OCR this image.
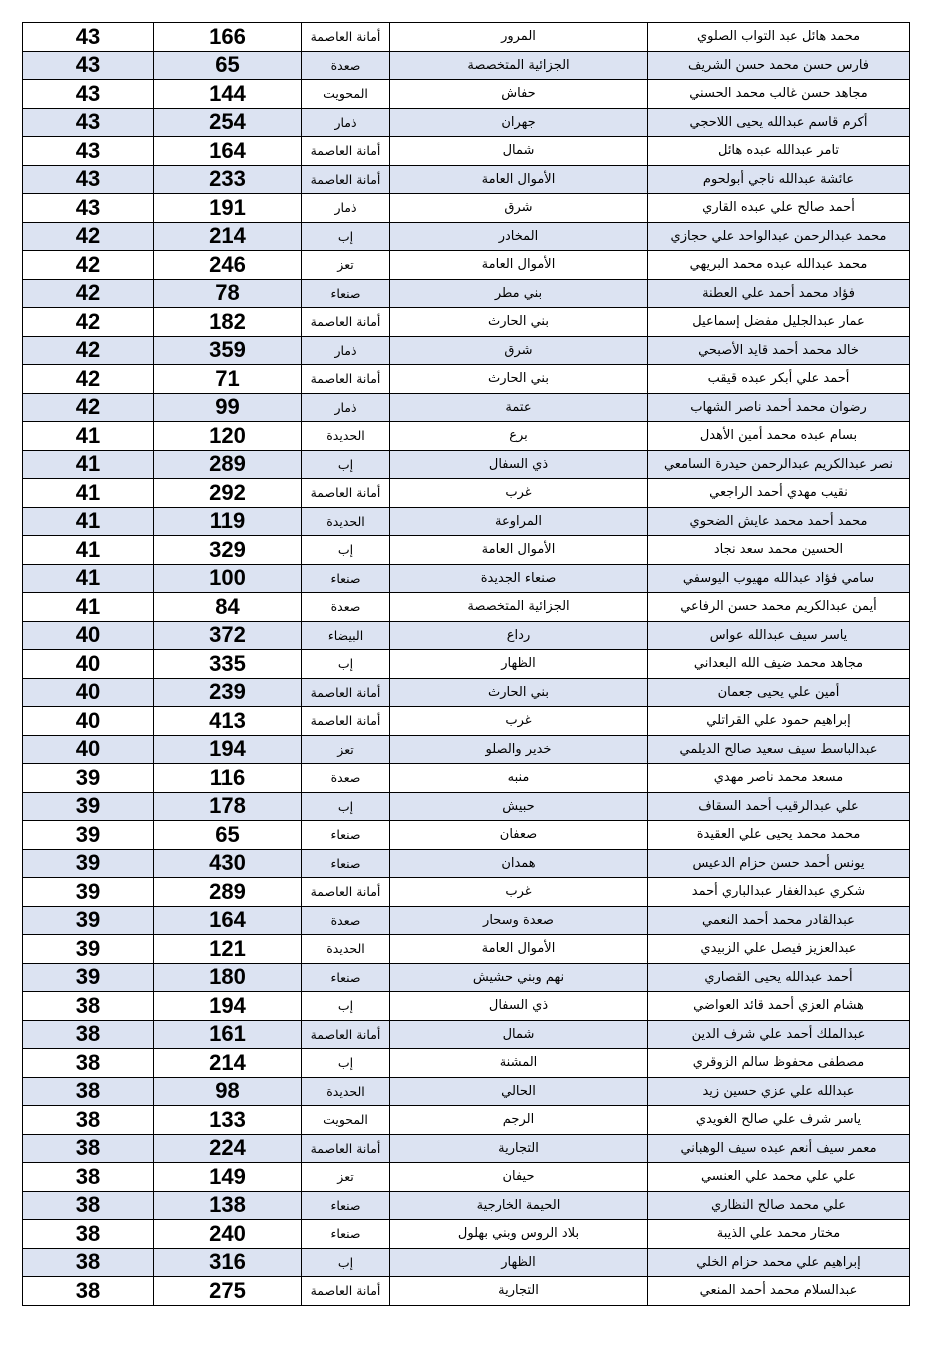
43	166	أمانة العاصمة	المرور	محمد هائل عبد التواب الصلوي
43	65	صعدة	الجزائية المتخصصة	فارس حسن محمد حسن الشريف
43	144	المحويت	حفاش	مجاهد حسن غالب محمد الحسني
43	254	ذمار	جهران	أكرم قاسم عبدالله يحيى اللاحجي
43	164	أمانة العاصمة	شمال	تامر عبدالله عبده هائل
43	233	أمانة العاصمة	الأموال العامة	عائشة عبدالله ناجي أبولحوم
43	191	ذمار	شرق	أحمد صالح علي عبده القاري
42	214	إب	المخادر	محمد عبدالرحمن عبدالواحد علي حجازي
42	246	تعز	الأموال العامة	محمد عبدالله عبده محمد البريهي
42	78	صنعاء	بني مطر	فؤاد محمد أحمد علي العطنة
42	182	أمانة العاصمة	بني الحارث	عمار عبدالجليل مفضل إسماعيل
42	359	ذمار	شرق	خالد محمد أحمد قايد الأصبحي
42	71	أمانة العاصمة	بني الحارث	أحمد علي أبكر عبده قيقب
42	99	ذمار	عتمة	رضوان محمد أحمد ناصر الشهاب
41	120	الحديدة	برع	بسام عبده محمد أمين الأهدل
41	289	إب	ذي السفال	نصر عبدالكريم عبدالرحمن حيدرة السامعي
41	292	أمانة العاصمة	غرب	نقيب مهدي أحمد الراجعي
41	119	الحديدة	المراوعة	محمد أحمد محمد عايش الضحوي
41	329	إب	الأموال العامة	الحسين محمد سعد نجاد
41	100	صنعاء	صنعاء الجديدة	سامي فؤاد عبدالله مهيوب اليوسفي
41	84	صعدة	الجزائية المتخصصة	أيمن عبدالكريم محمد حسن الرفاعي
40	372	البيضاء	رداع	ياسر سيف عبدالله عواس
40	335	إب	الظهار	مجاهد محمد ضيف الله البعداني
40	239	أمانة العاصمة	بني الحارث	أمين علي يحيى جعمان
40	413	أمانة العاصمة	غرب	إبراهيم حمود علي القراتلي
40	194	تعز	خدير والصلو	عبدالباسط سيف سعيد صالح الديلمي
39	116	صعدة	منبه	مسعد محمد ناصر مهدي
39	178	إب	حبيش	علي عبدالرقيب أحمد السقاف
39	65	صنعاء	صعفان	محمد محمد يحيى علي العقيدة
39	430	صنعاء	همدان	يونس أحمد حسن حزام الدعيس
39	289	أمانة العاصمة	غرب	شكري عبدالغفار عبدالباري أحمد
39	164	صعدة	صعدة وسحار	عبدالقادر محمد أحمد النعمي
39	121	الحديدة	الأموال العامة	عبدالعزيز فيصل علي الزبيدي
39	180	صنعاء	نهم وبني حشيش	أحمد عبدالله يحيى القصاري
38	194	إب	ذي السفال	هشام العزي أحمد قائد العواضي
38	161	أمانة العاصمة	شمال	عبدالملك أحمد علي شرف الدين
38	214	إب	المشنة	مصطفى محفوظ سالم الزوقري
38	98	الحديدة	الحالي	عبدالله علي عزي حسين زيد
38	133	المحويت	الرجم	ياسر شرف علي صالح الغويدي
38	224	أمانة العاصمة	التجارية	معمر سيف أنعم عبده سيف الوهباني
38	149	تعز	حيفان	علي علي محمد علي العنسي
38	138	صنعاء	الحيمة الخارجية	علي محمد صالح النظاري
38	240	صنعاء	بلاد الروس وبني بهلول	مختار محمد علي الذيبة
38	316	إب	الظهار	إبراهيم علي محمد حزام الخلي
38	275	أمانة العاصمة	التجارية	عبدالسلام محمد أحمد المنعي
